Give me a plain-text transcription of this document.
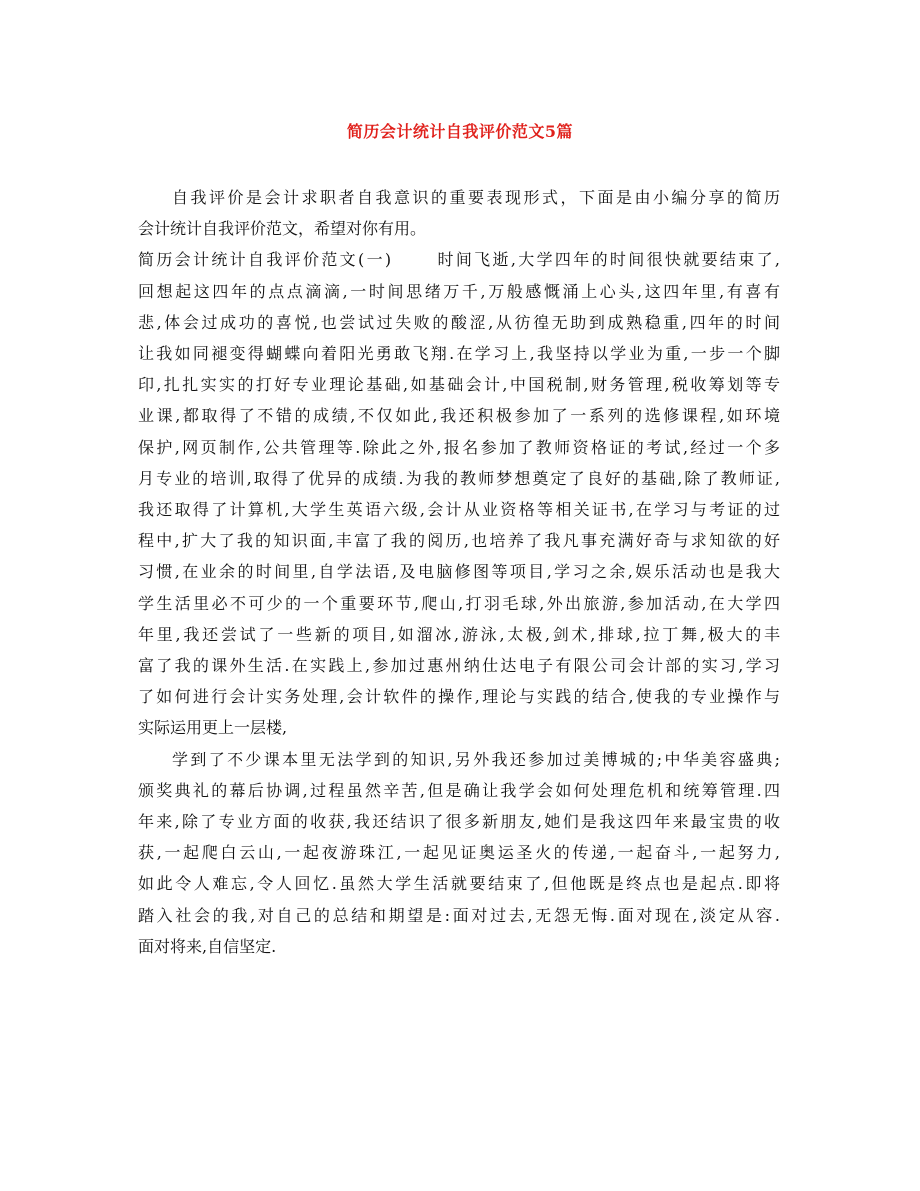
简历会计统计自我评价范文5篇
自我评价是会计求职者自我意识的重要表现形式，下面是由小编分享的简历
会计统计自我评价范文，希望对你有用。
简历会计统计自我评价范文(一)	时间飞逝,大学四年的时间很快就要结束了,
回想起这四年的点点滴滴,一时间思绪万千,万般感慨涌上心头,这四年里,有喜有
悲,体会过成功的喜悦,也尝试过失败的酸涩,从彷徨无助到成熟稳重,四年的时间
让我如同褪变得蝴蝶向着阳光勇敢飞翔.在学习上,我坚持以学业为重,一步一个脚
印,扎扎实实的打好专业理论基础,如基础会计,中国税制,财务管理,税收筹划等专
业课,都取得了不错的成绩,不仅如此,我还积极参加了一系列的选修课程,如环境
保护,网页制作,公共管理等.除此之外,报名参加了教师资格证的考试,经过一个多
月专业的培训,取得了优异的成绩.为我的教师梦想奠定了良好的基础,除了教师证,
我还取得了计算机,大学生英语六级,会计从业资格等相关证书,在学习与考证的过
程中,扩大了我的知识面,丰富了我的阅历,也培养了我凡事充满好奇与求知欲的好
习惯,在业余的时间里,自学法语,及电脑修图等项目,学习之余,娱乐活动也是我大
学生活里必不可少的一个重要环节,爬山,打羽毛球,外出旅游,参加活动,在大学四
年里,我还尝试了一些新的项目,如溜冰,游泳,太极,剑术,排球,拉丁舞,极大的丰
富了我的课外生活.在实践上,参加过惠州纳仕达电子有限公司会计部的实习,学习
了如何进行会计实务处理,会计软件的操作,理论与实践的结合,使我的专业操作与
实际运用更上一层楼,
学到了不少课本里无法学到的知识,另外我还参加过美博城的;中华美容盛典;
颁奖典礼的幕后协调,过程虽然辛苦,但是确让我学会如何处理危机和统筹管理.四
年来,除了专业方面的收获,我还结识了很多新朋友,她们是我这四年来最宝贵的收
获,一起爬白云山,一起夜游珠江,一起见证奥运圣火的传递,一起奋斗,一起努力,
如此令人难忘,令人回忆.虽然大学生活就要结束了,但他既是终点也是起点.即将
踏入社会的我,对自己的总结和期望是:面对过去,无怨无悔.面对现在,淡定从容.
面对将来,自信坚定.
